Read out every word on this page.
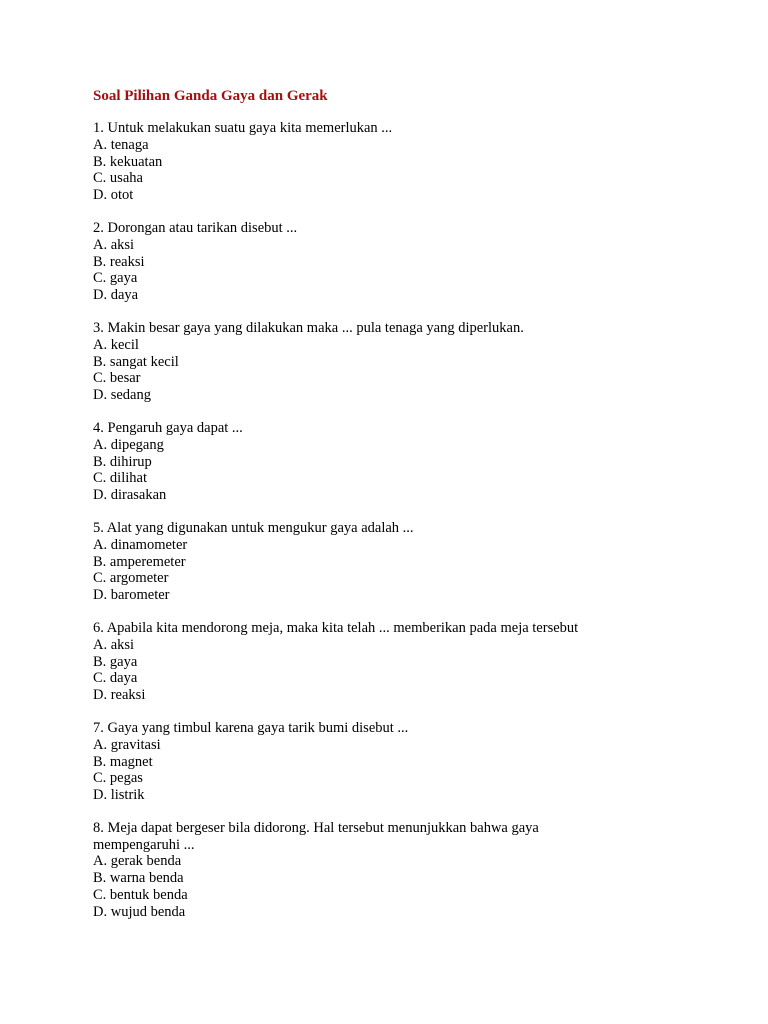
Soal Pilihan Ganda Gaya dan Gerak
1. Untuk melakukan suatu gaya kita memerlukan ...
A. tenaga
B. kekuatan
C. usaha
D. otot
2. Dorongan atau tarikan disebut ...
A. aksi
B. reaksi
C. gaya
D. daya
3. Makin besar gaya yang dilakukan maka ... pula tenaga yang diperlukan.
A. kecil
B. sangat kecil
C. besar
D. sedang
4. Pengaruh gaya dapat ...
A. dipegang
B. dihirup
C. dilihat
D. dirasakan
5. Alat yang digunakan untuk mengukur gaya adalah ...
A. dinamometer
B. amperemeter
C. argometer
D. barometer
6. Apabila kita mendorong meja, maka kita telah ... memberikan pada meja tersebut
A. aksi
B. gaya
C. daya
D. reaksi
7. Gaya yang timbul karena gaya tarik bumi disebut ...
A. gravitasi
B. magnet
C. pegas
D. listrik
8. Meja dapat bergeser bila didorong. Hal tersebut menunjukkan bahwa gaya mempengaruhi ...
A. gerak benda
B. warna benda
C. bentuk benda
D. wujud benda
